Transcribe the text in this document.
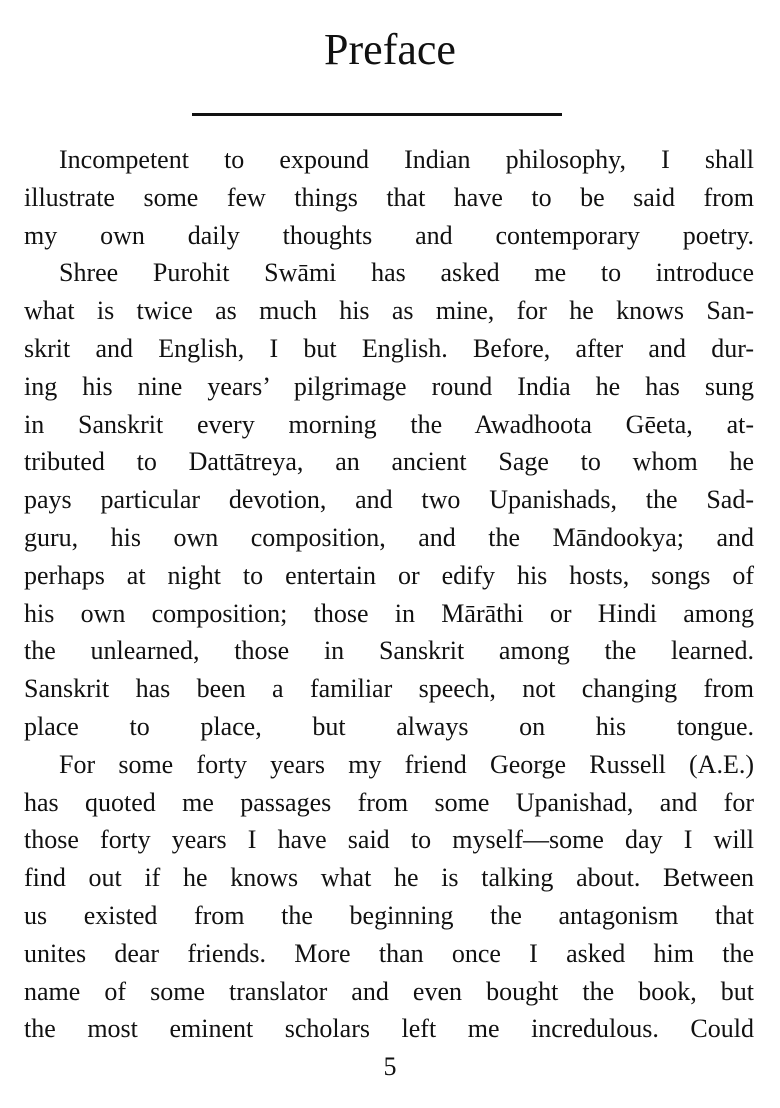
Preface
Incompetent to expound Indian philosophy, I shall
illustrate some few things that have to be said from
my own daily thoughts and contemporary poetry.
Shree Purohit Swāmi has asked me to introduce
what is twice as much his as mine, for he knows San-
skrit and English, I but English. Before, after and dur-
ing his nine years’ pilgrimage round India he has sung
in Sanskrit every morning the Awadhoota Gēeta, at-
tributed to Dattātreya, an ancient Sage to whom he
pays particular devotion, and two Upanishads, the Sad-
guru, his own composition, and the Māndookya; and
perhaps at night to entertain or edify his hosts, songs of
his own composition; those in Mārāthi or Hindi among
the unlearned, those in Sanskrit among the learned.
Sanskrit has been a familiar speech, not changing from
place to place, but always on his tongue.
For some forty years my friend George Russell (A.E.)
has quoted me passages from some Upanishad, and for
those forty years I have said to myself—some day I will
find out if he knows what he is talking about. Between
us existed from the beginning the antagonism that
unites dear friends. More than once I asked him the
name of some translator and even bought the book, but
the most eminent scholars left me incredulous. Could
5
